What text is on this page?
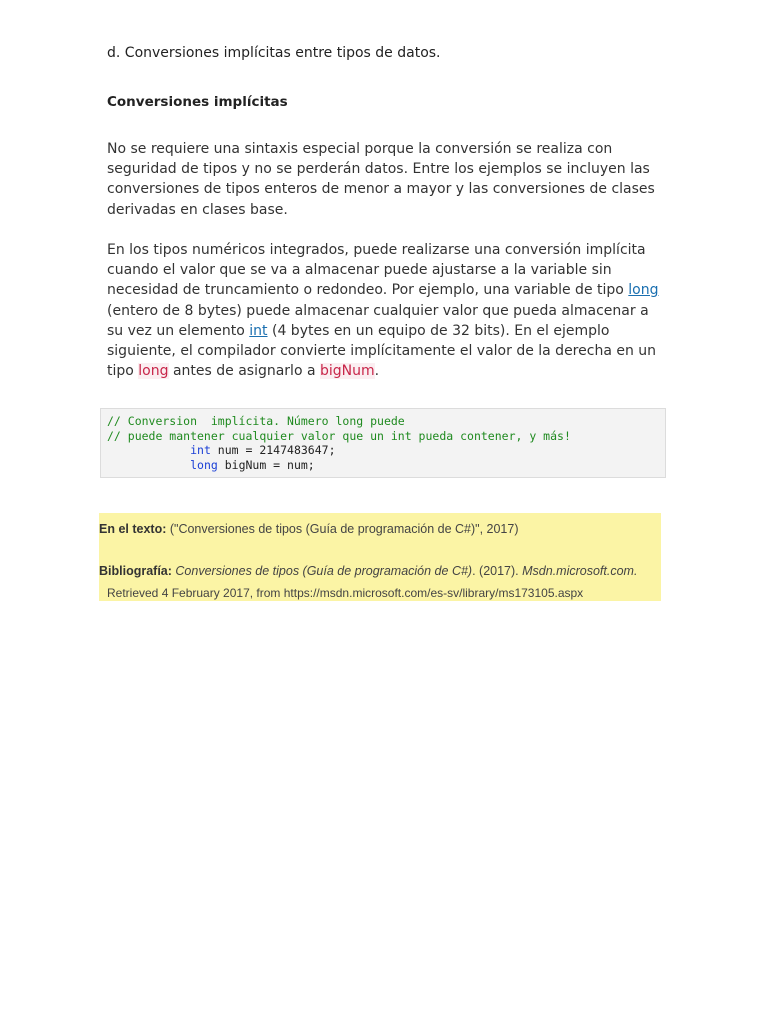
d. Conversiones implícitas entre tipos de datos.
Conversiones implícitas

No se requiere una sintaxis especial porque la conversión se realiza con seguridad de tipos y no se perderán datos. Entre los ejemplos se incluyen las conversiones de tipos enteros de menor a mayor y las conversiones de clases derivadas en clases base.

En los tipos numéricos integrados, puede realizarse una conversión implícita cuando el valor que se va a almacenar puede ajustarse a la variable sin necesidad de truncamiento o redondeo. Por ejemplo, una variable de tipo long (entero de 8 bytes) puede almacenar cualquier valor que pueda almacenar a su vez un elemento int (4 bytes en un equipo de 32 bits). En el ejemplo siguiente, el compilador convierte implícitamente el valor de la derecha en un tipo long antes de asignarlo a bigNum.

// Conversion  implícita. Número long puede
// puede mantener cualquier valor que un int pueda contener, y más!
int num = 2147483647;
long bigNum = num;
En el texto: ("Conversiones de tipos (Guía de programación de C#)", 2017)
Bibliografía: Conversiones de tipos (Guía de programación de C#). (2017). Msdn.microsoft.com.
Retrieved 4 February 2017, from https://msdn.microsoft.com/es-sv/library/ms173105.aspx
